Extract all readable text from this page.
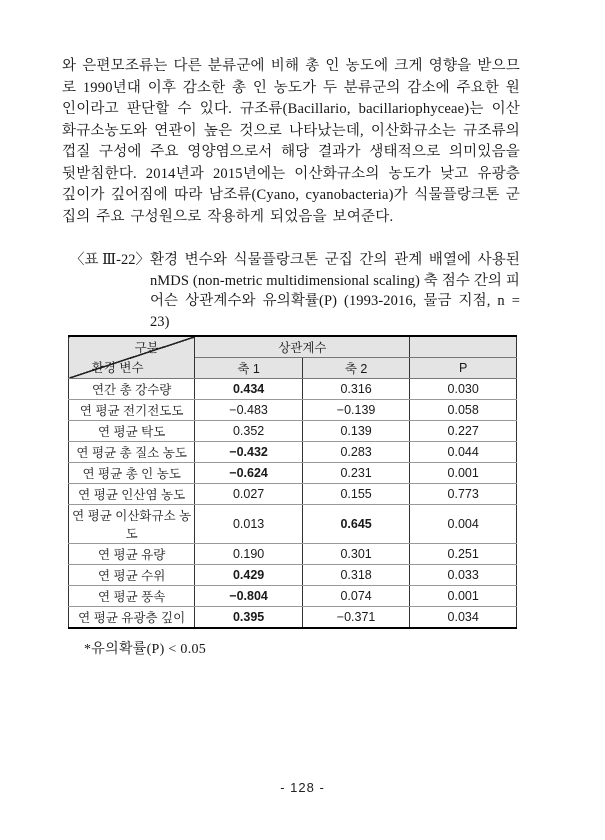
와 은편모조류는 다른 분류군에 비해 총 인 농도에 크게 영향을 받으므로 1990년대 이후 감소한 총 인 농도가 두 분류군의 감소에 주요한 원인이라고 판단할 수 있다. 규조류(Bacillario, bacillariophyceae)는 이산화규소농도와 연관이 높은 것으로 나타났는데, 이산화규소는 규조류의 껍질 구성에 주요 영양염으로서 해당 결과가 생태적으로 의미있음을 뒷받침한다. 2014년과 2015년에는 이산화규소의 농도가 낮고 유광층 깊이가 깊어짐에 따라 남조류(Cyano, cyanobacteria)가 식물플랑크톤 군집의 주요 구성원으로 작용하게 되었음을 보여준다.

〈표 Ⅲ-22〉 환경 변수와 식물플랑크톤 군집 간의 관계 배열에 사용된 nMDS (non-metric multidimensional scaling) 축 점수 간의 피어슨 상관계수와 유의확률(P) (1993-2016, 물금 지점, n = 23)
구분
환경 변수	상관계수		
	축 1	축 2	P
연간 총 강수량	0.434	0.316	0.030
연 평균 전기전도도	−0.483	−0.139	0.058
연 평균 탁도	0.352	0.139	0.227
연 평균 총 질소 농도	−0.432	0.283	0.044
연 평균 총 인 농도	−0.624	0.231	0.001
연 평균 인산염 농도	0.027	0.155	0.773
연 평균 이산화규소 농도	0.013	0.645	0.004
연 평균 유량	0.190	0.301	0.251
연 평균 수위	0.429	0.318	0.033
연 평균 풍속	−0.804	0.074	0.001
연 평균 유광층 깊이	0.395	−0.371	0.034

*유의확률(P) < 0.05

- 128 -
